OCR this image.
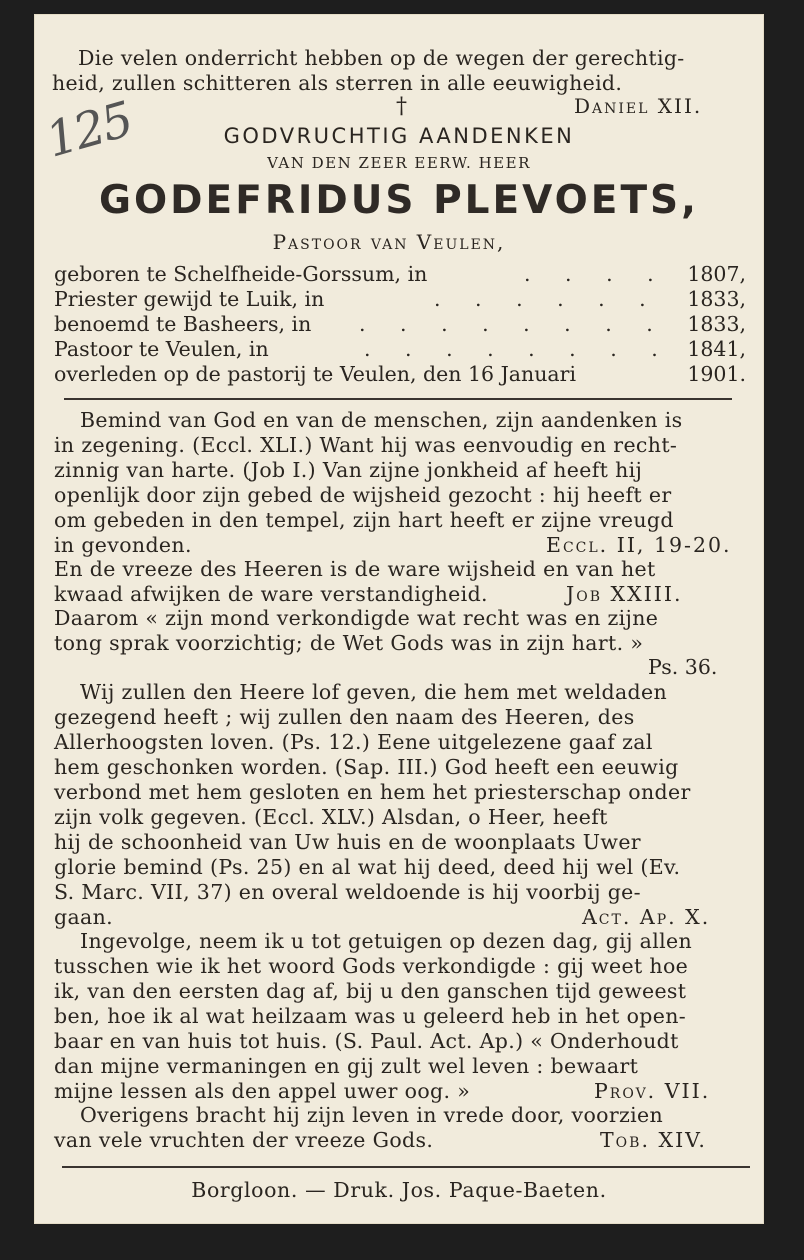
Die velen onderricht hebben op de wegen der gerechtig-
heid, zullen schitteren als sterren in alle eeuwigheid.
†	Daniel XII.
125	GODVRUCHTIG AANDENKEN
VAN DEN ZEER EERW. HEER
GODEFRIDUS PLEVOETS,
Pastoor van Veulen,
geboren te Schelfheide-Gorssum, in	. . . . 1807,
Priester gewijd te Luik, in	. . . . . . 1833,
benoemd te Basheers, in . . . . . . . . 1833,
Pastoor te Veulen, in	. . . . . . . . 1841,
overleden op de pastorij te Veulen, den 16 Januari	1901.
Bemind van God en van de menschen, zijn aandenken is
in zegening. (Eccl. XLI.) Want hij was eenvoudig en recht-
zinnig van harte. (Job I.) Van zijne jonkheid af heeft hij
openlijk door zijn gebed de wijsheid gezocht : hij heeft er
om gebeden in den tempel, zijn hart heeft er zijne vreugd
in gevonden.	Eccl. II, 19-20.
En de vreeze des Heeren is de ware wijsheid en van het
kwaad afwijken de ware verstandigheid.	Job XXIII.
Daarom « zijn mond verkondigde wat recht was en zijne
tong sprak voorzichtig; de Wet Gods was in zijn hart. »
Ps. 36.
Wij zullen den Heere lof geven, die hem met weldaden
gezegend heeft ; wij zullen den naam des Heeren, des
Allerhoogsten loven. (Ps. 12.) Eene uitgelezene gaaf zal
hem geschonken worden. (Sap. III.) God heeft een eeuwig
verbond met hem gesloten en hem het priesterschap onder
zijn volk gegeven. (Eccl. XLV.) Alsdan, o Heer, heeft
hij de schoonheid van Uw huis en de woonplaats Uwer
glorie bemind (Ps. 25) en al wat hij deed, deed hij wel (Ev.
S. Marc. VII, 37) en overal weldoende is hij voorbij ge-
gaan.	Act. Ap. X.
Ingevolge, neem ik u tot getuigen op dezen dag, gij allen
tusschen wie ik het woord Gods verkondigde : gij weet hoe
ik, van den eersten dag af, bij u den ganschen tijd geweest
ben, hoe ik al wat heilzaam was u geleerd heb in het open-
baar en van huis tot huis. (S. Paul. Act. Ap.) « Onderhoudt
dan mijne vermaningen en gij zult wel leven : bewaart
mijne lessen als den appel uwer oog. »	Prov. VII.
Overigens bracht hij zijn leven in vrede door, voorzien
van vele vruchten der vreeze Gods.	Tob. XIV.
Borgloon. — Druk. Jos. Paque-Baeten.
